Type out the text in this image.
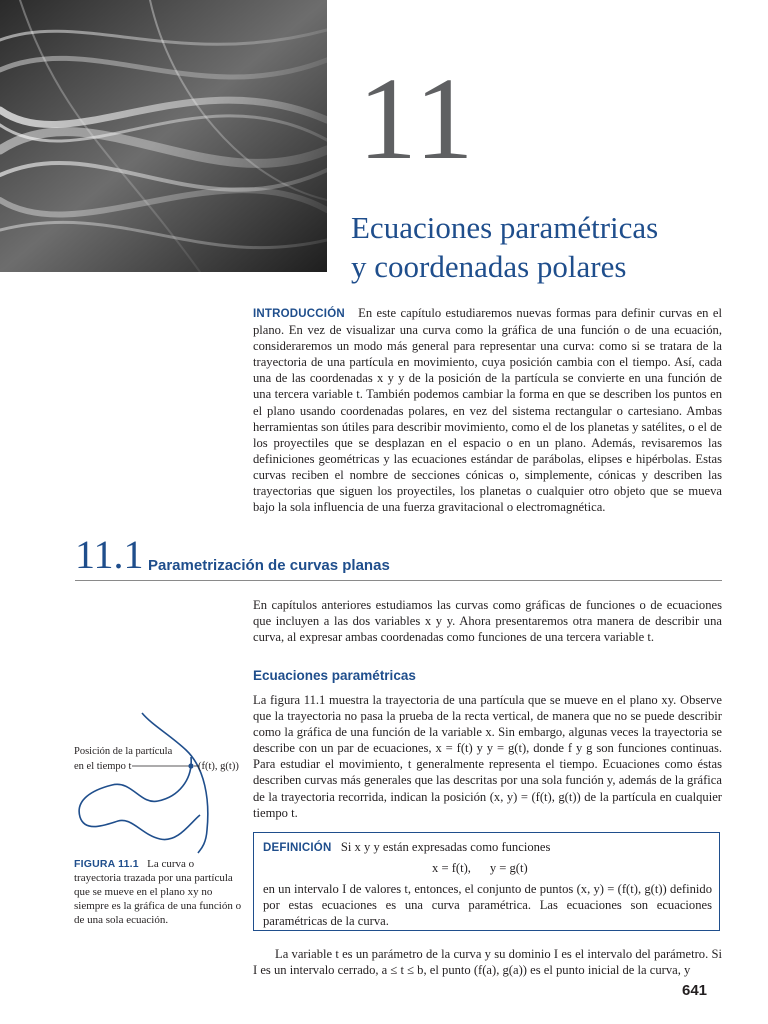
11
Ecuaciones paramétricas
y coordenadas polares

INTRODUCCIÓN En este capítulo estudiaremos nuevas formas para definir curvas en el plano. En vez de visualizar una curva como la gráfica de una función o de una ecuación, consideraremos un modo más general para representar una curva: como si se tratara de la trayectoria de una partícula en movimiento, cuya posición cambia con el tiempo. Así, cada una de las coordenadas x y y de la posición de la partícula se convierte en una función de una tercera variable t. También podemos cambiar la forma en que se describen los puntos en el plano usando coordenadas polares, en vez del sistema rectangular o cartesiano. Ambas herramientas son útiles para describir movimiento, como el de los planetas y satélites, o el de los proyectiles que se desplazan en el espacio o en un plano. Además, revisaremos las definiciones geométricas y las ecuaciones estándar de parábolas, elipses e hipérbolas. Estas curvas reciben el nombre de secciones cónicas o, simplemente, cónicas y describen las trayectorias que siguen los proyectiles, los planetas o cualquier otro objeto que se mueva bajo la sola influencia de una fuerza gravitacional o electromagnética.

11.1 Parametrización de curvas planas

En capítulos anteriores estudiamos las curvas como gráficas de funciones o de ecuaciones que incluyen a las dos variables x y y. Ahora presentaremos otra manera de describir una curva, al expresar ambas coordenadas como funciones de una tercera variable t.

Ecuaciones paramétricas

La figura 11.1 muestra la trayectoria de una partícula que se mueve en el plano xy. Observe que la trayectoria no pasa la prueba de la recta vertical, de manera que no se puede describir como la gráfica de una función de la variable x. Sin embargo, algunas veces la trayectoria se describe con un par de ecuaciones, x = f(t) y y = g(t), donde f y g son funciones continuas. Para estudiar el movimiento, t generalmente representa el tiempo. Ecuaciones como éstas describen curvas más generales que las descritas por una sola función y, además de la gráfica de la trayectoria recorrida, indican la posición (x, y) = (f(t), g(t)) de la partícula en cualquier tiempo t.

Posición de la partícula
en el tiempo t	(f(t), g(t))
FIGURA 11.1 La curva o trayectoria trazada por una partícula que se mueve en el plano xy no siempre es la gráfica de una función o de una sola ecuación.
DEFINICIÓN Si x y y están expresadas como funciones
x = f(t),      y = g(t)

en un intervalo I de valores t, entonces, el conjunto de puntos (x, y) = (f(t), g(t)) definido por estas ecuaciones es una curva paramétrica. Las ecuaciones son ecuaciones paramétricas de la curva.

La variable t es un parámetro de la curva y su dominio I es el intervalo del parámetro. Si I es un intervalo cerrado, a ≤ t ≤ b, el punto (f(a), g(a)) es el punto inicial de la curva, y

641
